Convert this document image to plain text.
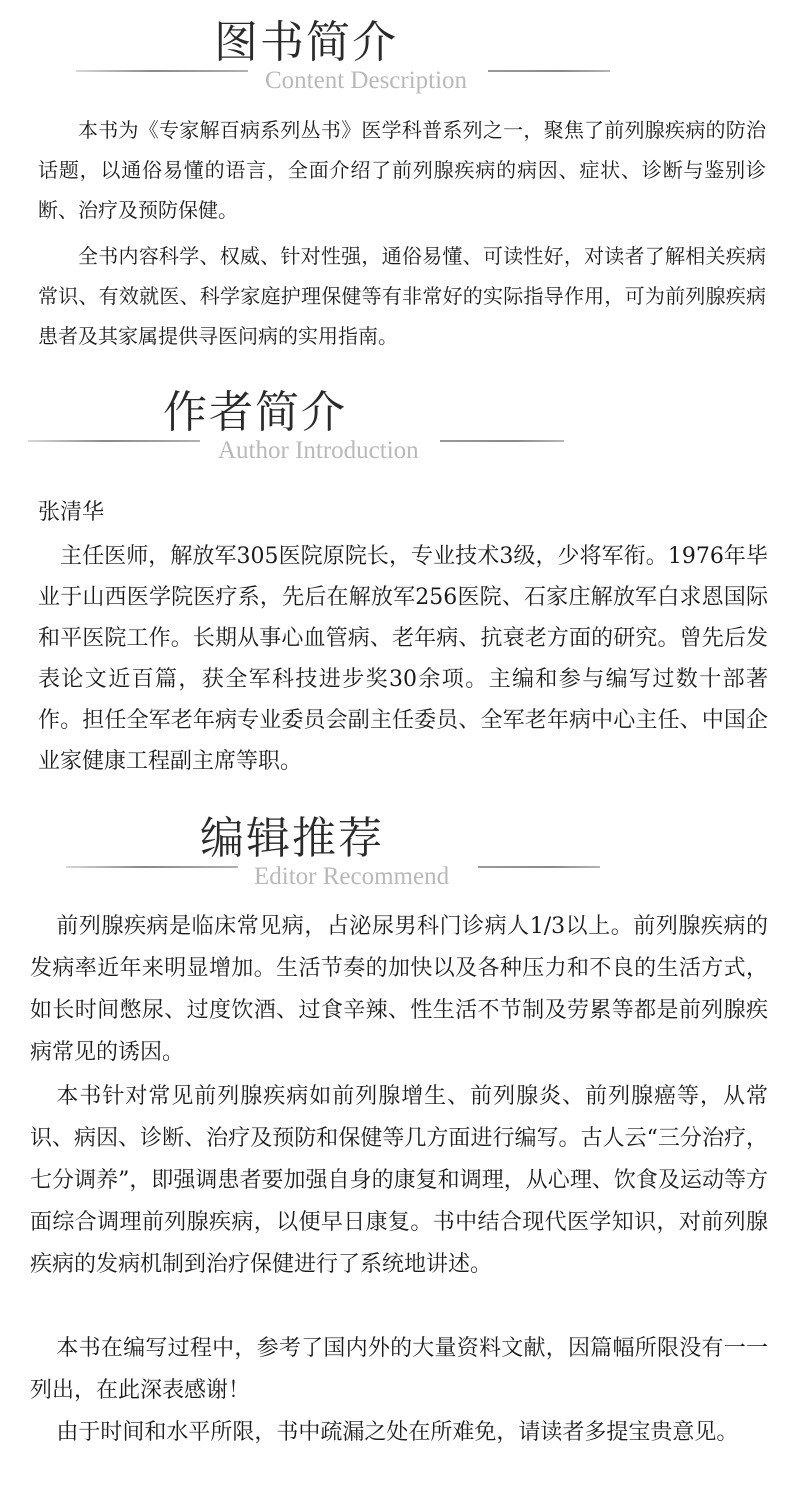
图书简介
Content Description

本书为《专家解百病系列丛书》医学科普系列之一，聚焦了前列腺疾病的防治话题，以通俗易懂的语言，全面介绍了前列腺疾病的病因、症状、诊断与鉴别诊断、治疗及预防保健。

全书内容科学、权威、针对性强，通俗易懂、可读性好，对读者了解相关疾病常识、有效就医、科学家庭护理保健等有非常好的实际指导作用，可为前列腺疾病患者及其家属提供寻医问病的实用指南。

作者简介
Author Introduction

张清华

主任医师，解放军305医院原院长，专业技术3级，少将军衔。1976年毕业于山西医学院医疗系，先后在解放军256医院、石家庄解放军白求恩国际和平医院工作。长期从事心血管病、老年病、抗衰老方面的研究。曾先后发表论文近百篇，获全军科技进步奖30余项。主编和参与编写过数十部著作。担任全军老年病专业委员会副主任委员、全军老年病中心主任、中国企业家健康工程副主席等职。

编辑推荐
Editor Recommend

前列腺疾病是临床常见病，占泌尿男科门诊病人1/3以上。前列腺疾病的发病率近年来明显增加。生活节奏的加快以及各种压力和不良的生活方式，如长时间憋尿、过度饮酒、过食辛辣、性生活不节制及劳累等都是前列腺疾病常见的诱因。

本书针对常见前列腺疾病如前列腺增生、前列腺炎、前列腺癌等，从常识、病因、诊断、治疗及预防和保健等几方面进行编写。古人云“三分治疗，七分调养”，即强调患者要加强自身的康复和调理，从心理、饮食及运动等方面综合调理前列腺疾病，以便早日康复。书中结合现代医学知识，对前列腺疾病的发病机制到治疗保健进行了系统地讲述。

本书在编写过程中，参考了国内外的大量资料文献，因篇幅所限没有一一列出，在此深表感谢！

由于时间和水平所限，书中疏漏之处在所难免，请读者多提宝贵意见。
